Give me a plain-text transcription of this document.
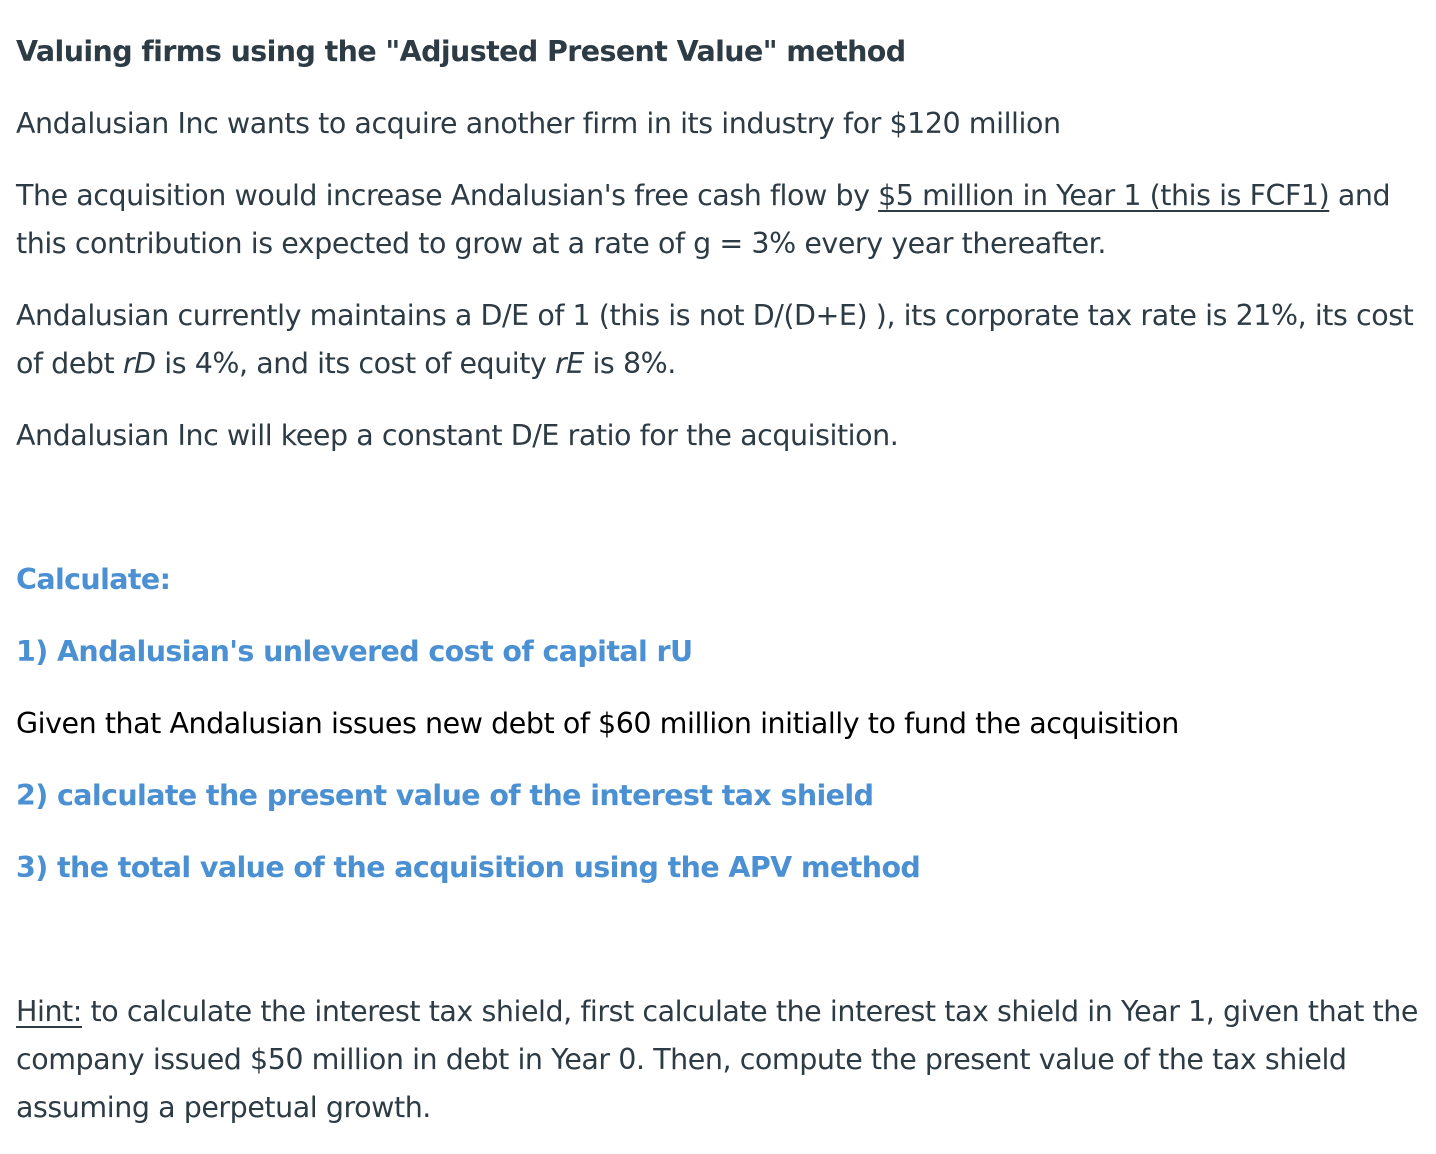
Valuing firms using the "Adjusted Present Value" method

Andalusian Inc wants to acquire another firm in its industry for $120 million

The acquisition would increase Andalusian's free cash flow by $5 million in Year 1 (this is FCF1) and

this contribution is expected to grow at a rate of g = 3% every year thereafter.

Andalusian currently maintains a D/E of 1 (this is not D/(D+E) ), its corporate tax rate is 21%, its cost

of debt rD is 4%, and its cost of equity rE is 8%.

Andalusian Inc will keep a constant D/E ratio for the acquisition.

Calculate:

1) Andalusian's unlevered cost of capital rU

Given that Andalusian issues new debt of $60 million initially to fund the acquisition

2) calculate the present value of the interest tax shield

3) the total value of the acquisition using the APV method

Hint: to calculate the interest tax shield, first calculate the interest tax shield in Year 1, given that the

company issued $50 million in debt in Year 0. Then, compute the present value of the tax shield

assuming a perpetual growth.
